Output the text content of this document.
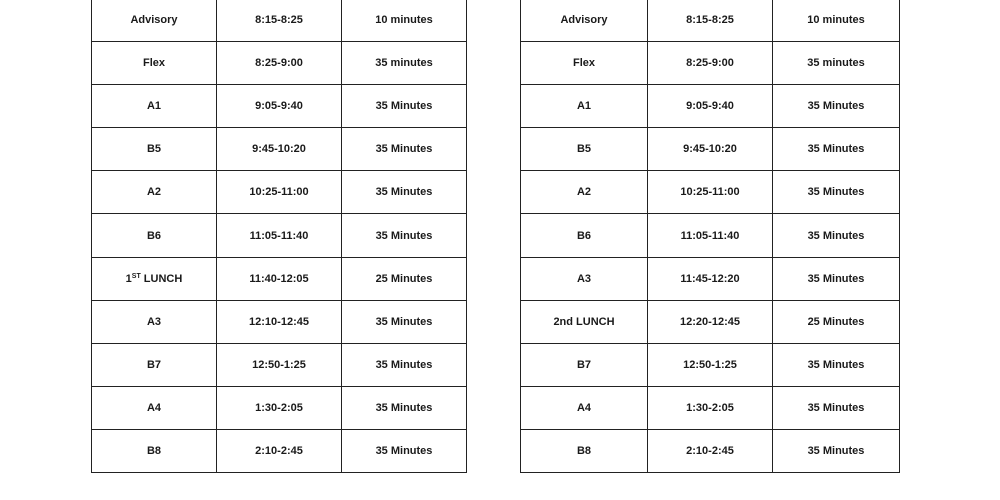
Advisory	8:15-8:25	10 minutes
Flex	8:25-9:00	35 minutes
A1	9:05-9:40	35 Minutes
B5	9:45-10:20	35 Minutes
A2	10:25-11:00	35 Minutes
B6	11:05-11:40	35 Minutes
1ST LUNCH	11:40-12:05	25 Minutes
A3	12:10-12:45	35 Minutes
B7	12:50-1:25	35 Minutes
A4	1:30-2:05	35 Minutes
B8	2:10-2:45	35 Minutes
Advisory	8:15-8:25	10 minutes
Flex	8:25-9:00	35 minutes
A1	9:05-9:40	35 Minutes
B5	9:45-10:20	35 Minutes
A2	10:25-11:00	35 Minutes
B6	11:05-11:40	35 Minutes
A3	11:45-12:20	35 Minutes
2nd LUNCH	12:20-12:45	25 Minutes
B7	12:50-1:25	35 Minutes
A4	1:30-2:05	35 Minutes
B8	2:10-2:45	35 Minutes
